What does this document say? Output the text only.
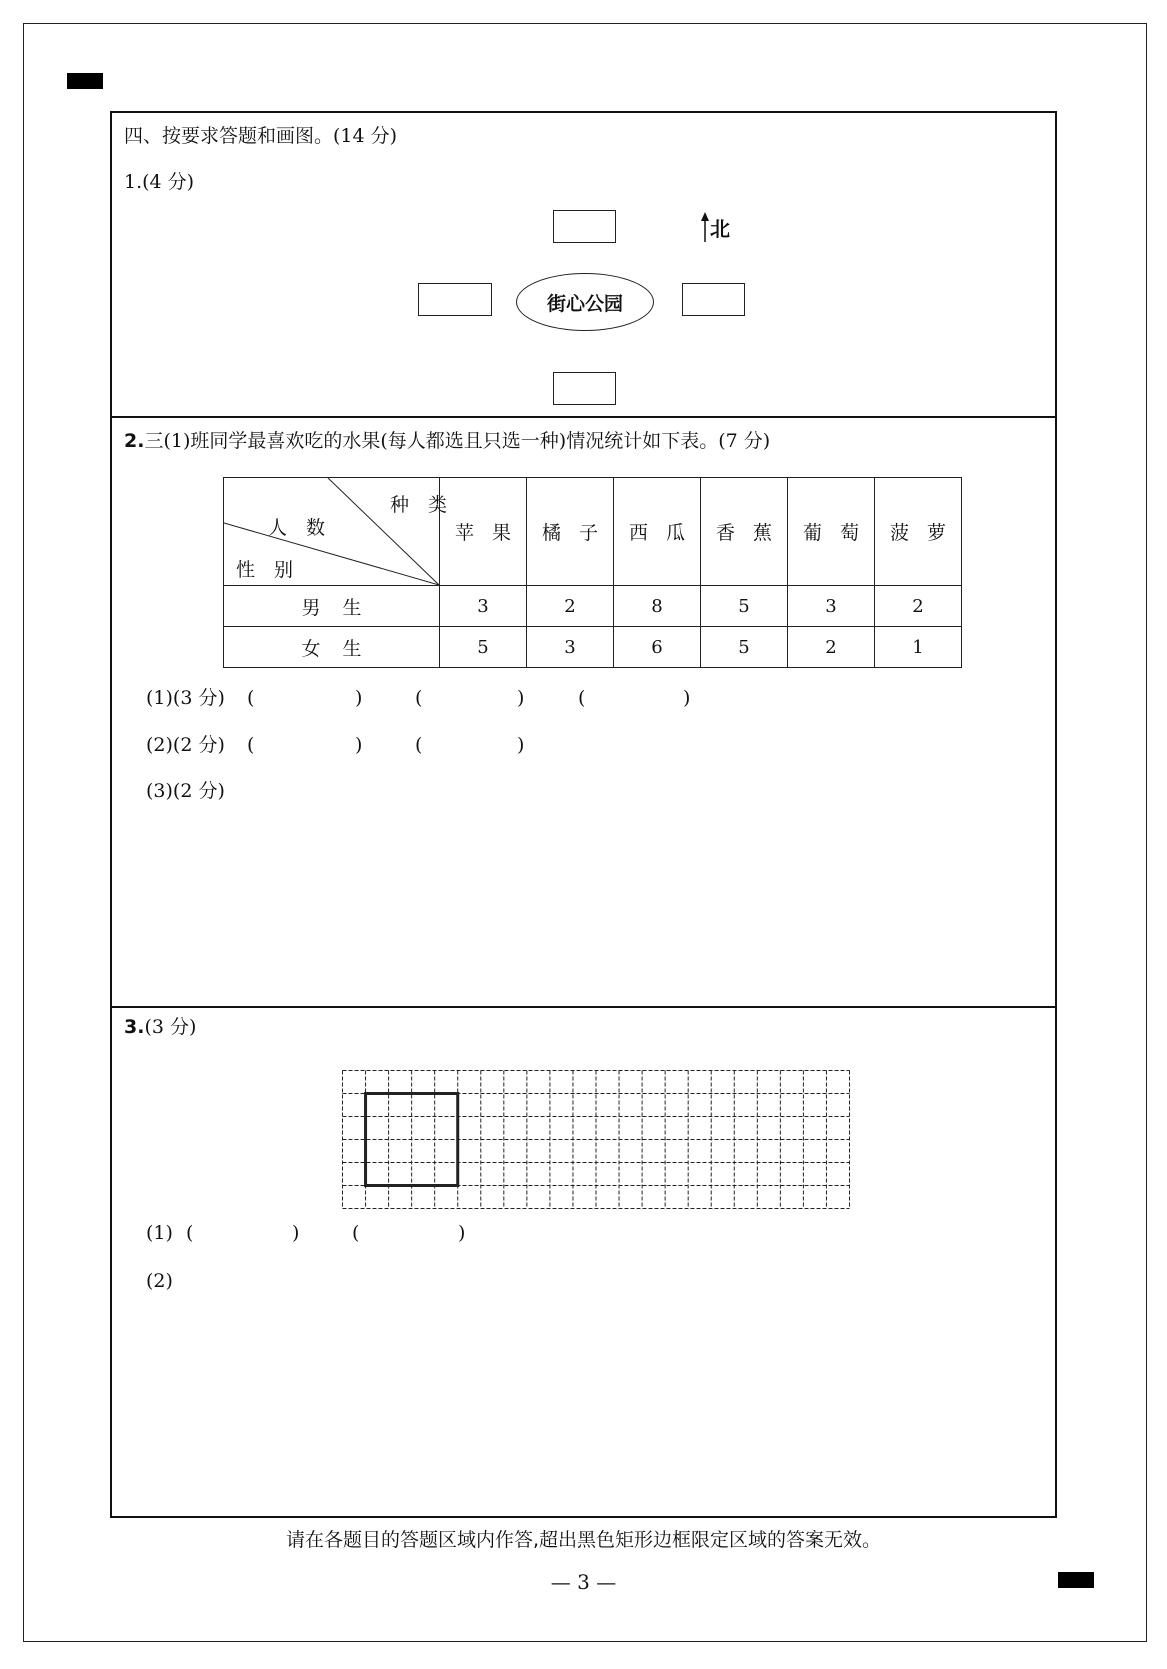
四、按要求答题和画图。(14 分)
1.(4 分)
街心公园
北
2.三(1)班同学最喜欢吃的水果(每人都选且只选一种)情况统计如下表。(7 分)
种　类
人　数
性　别	苹果	橘子	西瓜	香蕉	葡萄	菠萝
男生	3	2	8	5	3	2
女生	5	3	6	5	2	1
(1)(3 分) (	)	(	)	(	)
(2)(2 分) (	)	(	)
(3)(2 分)
3.(3 分)
(1) (	)	(	)
(2)
请在各题目的答题区域内作答,超出黑色矩形边框限定区域的答案无效。
— 3 —
